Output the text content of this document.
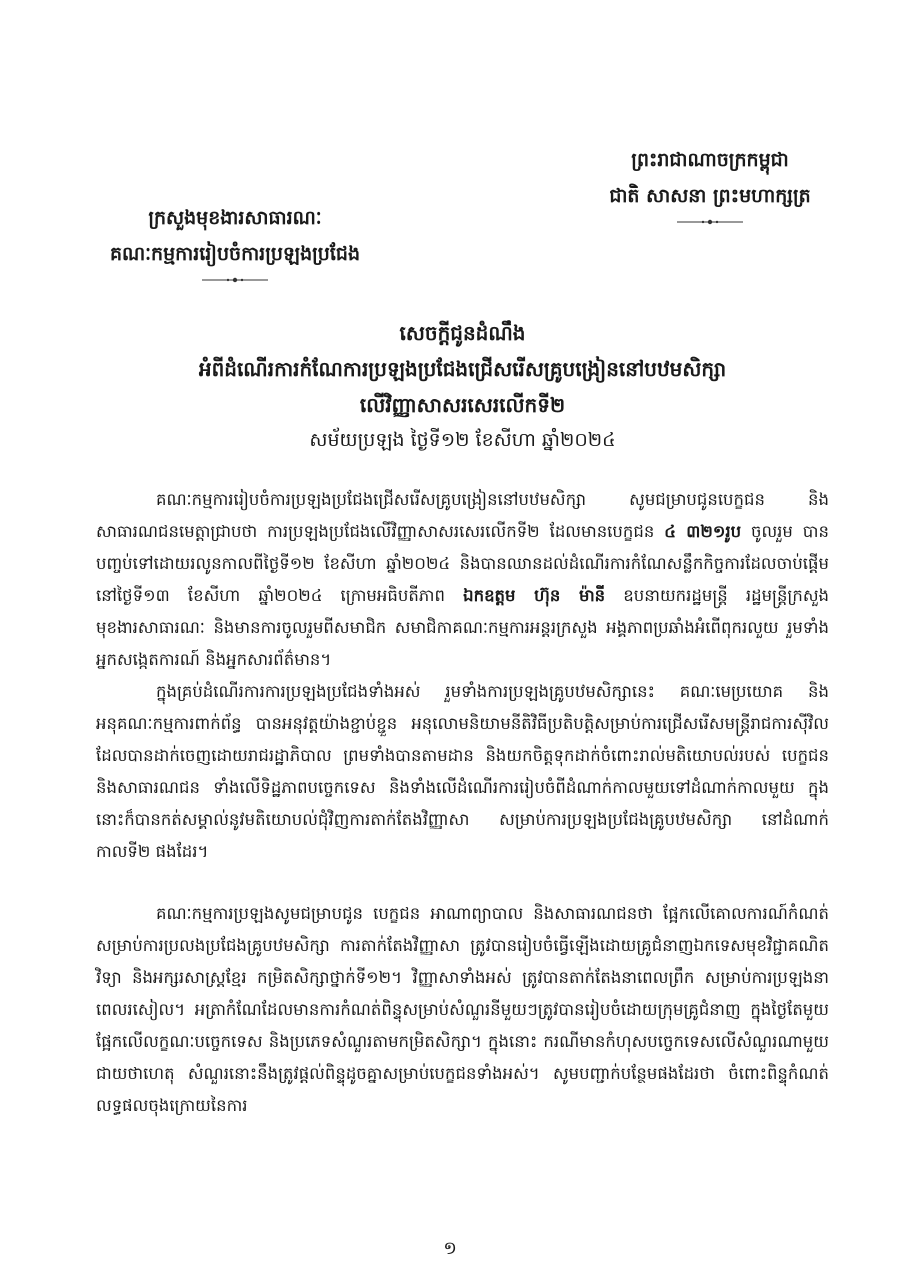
ព្រះរាជាណាចក្រកម្ពុជា
ជាតិ សាសនា ព្រះមហាក្សត្រ
ក្រសួងមុខងារសាធារណៈ
គណៈកម្មការរៀបចំការប្រឡងប្រជែង
សេចក្តីជូនដំណឹង
អំពីដំណើរការកំណែការប្រឡងប្រជែងជ្រើសរើសគ្រូបង្រៀននៅបឋមសិក្សា
លើវិញ្ញាសាសរសេរលើកទី២
សម័យប្រឡង ថ្ងៃទី១២ ខែសីហា ឆ្នាំ២០២៤

គណៈកម្មការរៀបចំការប្រឡងប្រជែងជ្រើសរើសគ្រូបង្រៀននៅបឋមសិក្សា សូមជម្រាបជូនបេក្ខជន និង សាធារណជនមេត្តាជ្រាបថា ការប្រឡងប្រជែងលើវិញ្ញាសាសរសេរលើកទី២ ដែលមានបេក្ខជន ៤ ៣២១រូប ចូលរួម បានបញ្ចប់ទៅដោយរលូនកាលពីថ្ងៃទី១២ ខែសីហា ឆ្នាំ២០២៤ និងបានឈានដល់ដំណើរការកំណែសន្លឹកកិច្ចការដែលចាប់ផ្តើមនៅថ្ងៃទី១៣ ខែសីហា ឆ្នាំ២០២៤ ក្រោមអធិបតីភាព ឯកឧត្តម ហ៊ុន ម៉ានី ឧបនាយករដ្ឋមន្ត្រី រដ្ឋមន្ត្រីក្រសួងមុខងារសាធារណៈ និងមានការចូលរួមពីសមាជិក សមាជិកាគណៈកម្មការអន្តរក្រសួង អង្គភាពប្រឆាំងអំពើពុករលួយ រួមទាំងអ្នកសង្កេតការណ៍ និងអ្នកសារព័ត៌មាន។

ក្នុងគ្រប់ដំណើរការការប្រឡងប្រជែងទាំងអស់ រួមទាំងការប្រឡងគ្រូបឋមសិក្សានេះ គណៈមេប្រយោគ និង អនុគណៈកម្មការពាក់ព័ន្ធ បានអនុវត្តយ៉ាងខ្ជាប់ខ្ជួន អនុលោមនិយាមនីតិវិធីប្រតិបត្តិសម្រាប់ការជ្រើសរើសមន្ត្រីរាជការស៊ីវិលដែលបានដាក់ចេញដោយរាជរដ្ឋាភិបាល ព្រមទាំងបានតាមដាន និងយកចិត្តទុកដាក់ចំពោះរាល់មតិយោបល់របស់ បេក្ខជន និងសាធារណជន ទាំងលើទិដ្ឋភាពបច្ចេកទេស និងទាំងលើដំណើរការរៀបចំពីដំណាក់កាលមួយទៅដំណាក់កាលមួយ ក្នុងនោះក៏បានកត់សម្គាល់នូវមតិយោបល់ជុំវិញការតាក់តែងវិញ្ញាសា សម្រាប់ការប្រឡងប្រជែងគ្រូបឋមសិក្សា នៅដំណាក់កាលទី២ ផងដែរ។

គណៈកម្មការប្រឡងសូមជម្រាបជូន បេក្ខជន អាណាព្យាបាល និងសាធារណជនថា ផ្អែកលើគោលការណ៍កំណត់សម្រាប់ការប្រលងប្រជែងគ្រូបឋមសិក្សា ការតាក់តែងវិញ្ញាសា ត្រូវបានរៀបចំធ្វើឡើងដោយគ្រូជំនាញឯកទេសមុខវិជ្ជាគណិតវិទ្យា និងអក្សរសាស្ត្រខ្មែរ កម្រិតសិក្សាថ្នាក់ទី១២។ វិញ្ញាសាទាំងអស់ ត្រូវបានតាក់តែងនាពេលព្រឹក សម្រាប់ការប្រឡងនាពេលរសៀល។ អត្រាកំណែដែលមានការកំណត់ពិន្ទុសម្រាប់សំណួរនីមួយៗត្រូវបានរៀបចំដោយក្រុមគ្រូជំនាញ ក្នុងថ្ងៃតែមួយ ផ្អែកលើលក្ខណៈបច្ចេកទេស និងប្រភេទសំណួរតាមកម្រិតសិក្សា។ ក្នុងនោះ ករណីមានកំហុសបច្ចេកទេសលើសំណួរណាមួយជាយថាហេតុ សំណួរនោះនឹងត្រូវផ្តល់ពិន្ទុដូចគ្នាសម្រាប់បេក្ខជនទាំងអស់។ សូមបញ្ជាក់បន្ថែមផងដែរថា ចំពោះពិន្ទុកំណត់លទ្ធផលចុងក្រោយនៃការ

១
